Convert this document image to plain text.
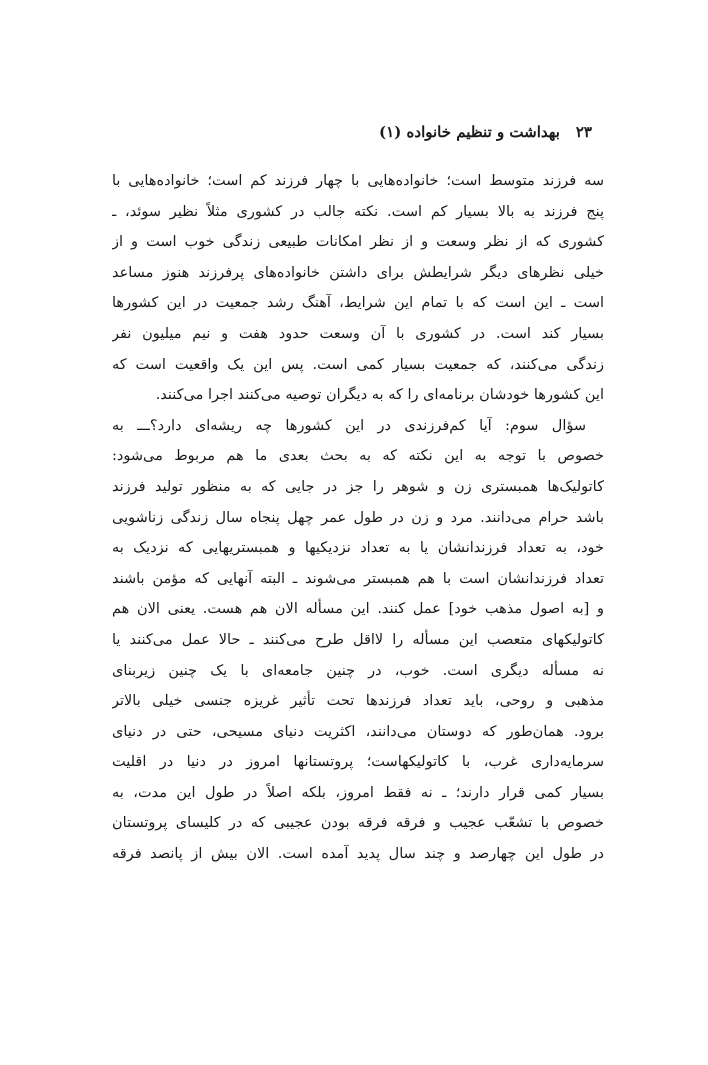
۲۳
بهداشت و تنظیم خانواده (۱)

سه فرزند متوسط است؛ خانواده‌هایی با چهار فرزند کم است؛ خانواده‌هایی با
پنج فرزند به بالا بسیار کم است. نکته جالب در کشوری مثلاً نظیر سوئد، ـ
کشوری که از نظر وسعت و از نظر امکانات طبیعی زندگی خوب است و از
خیلی نظرهای دیگر شرایطش برای داشتن خانواده‌های پرفرزند هنوز مساعد
است ـ این است که با تمام این شرایط، آهنگ رشد جمعیت در این کشورها
بسیار کند است. در کشوری با آن وسعت حدود هفت و نیم میلیون نفر
زندگی می‌کنند، که جمعیت بسیار کمی است. پس این یک واقعیت است که
این کشورها خودشان برنامه‌ای را که به دیگران توصیه می‌کنند اجرا می‌کنند.

سؤال سوم: آیا کم‌فرزندی در این کشورها چه ریشه‌ای دارد؟ـــ به
خصوص با توجه به این نکته که به بحث بعدی ما هم مربوط می‌شود:
کاتولیک‌ها همبستری زن و شوهر را جز در جایی که به منظور تولید فرزند
باشد حرام می‌دانند. مرد و زن در طول عمر چهل پنجاه سال زندگی زناشویی
خود، به تعداد فرزندانشان یا به تعداد نزدیکیها و همبستریهایی که نزدیک به
تعداد فرزندانشان است با هم همبستر می‌شوند ـ البته آنهایی که مؤمن باشند
و [به اصول مذهب خود] عمل کنند. این مسأله الان هم هست. یعنی الان هم
کاتولیکهای متعصب این مسأله را لااقل طرح می‌کنند ـ حالا عمل می‌کنند یا
نه مسأله دیگری است. خوب، در چنین جامعه‌ای با یک چنین زیربنای
مذهبی و روحی، باید تعداد فرزندها تحت تأثیر غریزه جنسی خیلی بالاتر
برود. همان‌طور که دوستان می‌دانند، اکثریت دنیای مسیحی، حتی در دنیای
سرمایه‌داری غرب، با کاتولیکهاست؛ پروتستانها امروز در دنیا در اقلیت
بسیار کمی قرار دارند؛ ـ نه فقط امروز، بلکه اصلاً در طول این مدت، به
خصوص با تشعّب عجیب و فرقه فرقه بودن عجیبی که در کلیسای پروتستان
در طول این چهارصد و چند سال پدید آمده است. الان بیش از پانصد فرقه
